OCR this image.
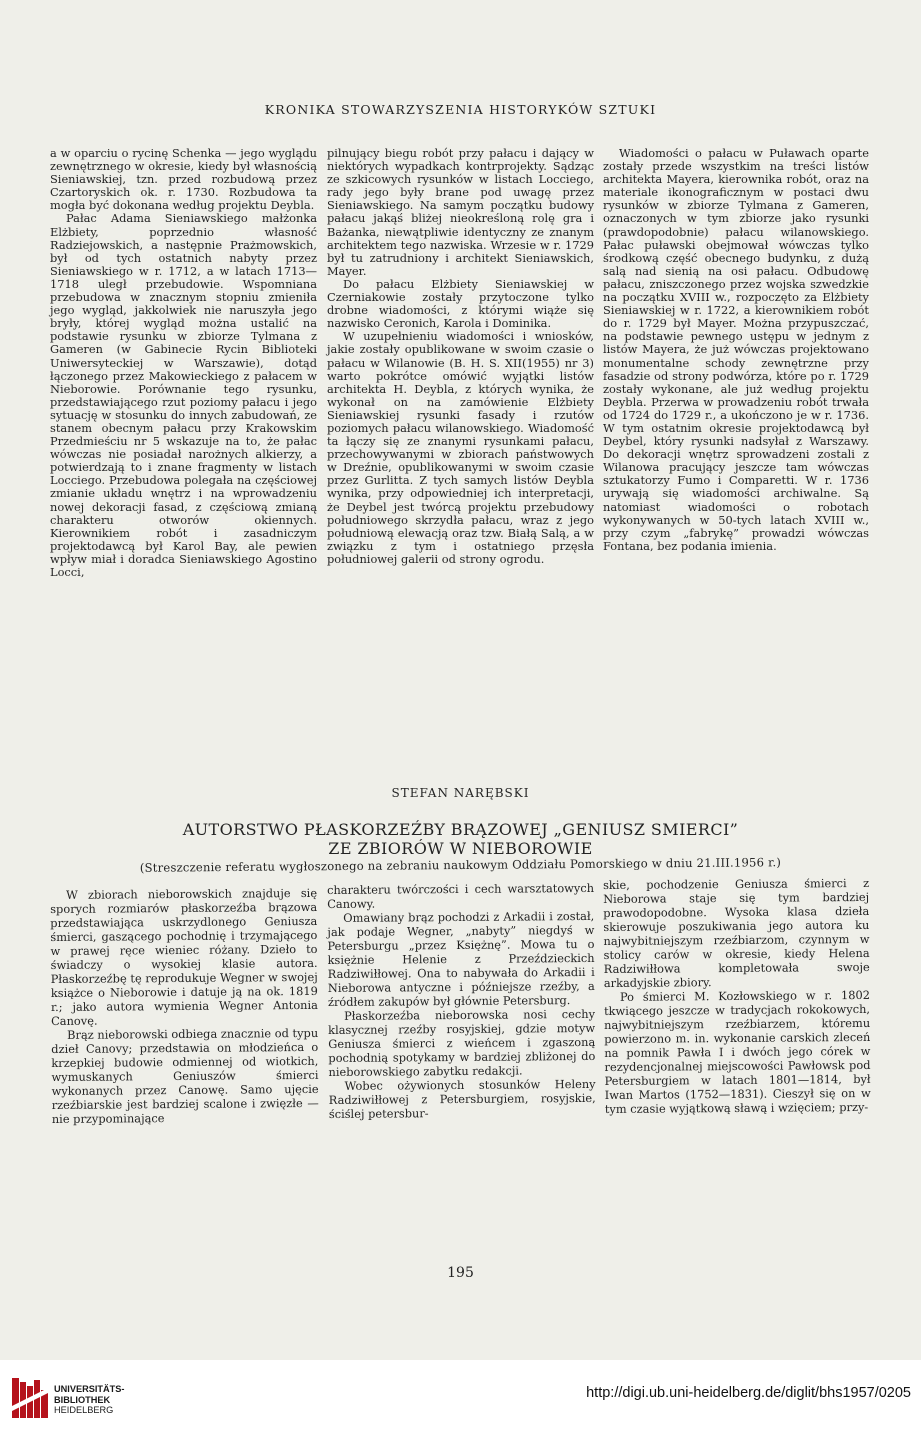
KRONIKA STOWARZYSZENIA HISTORYKÓW SZTUKI

a w oparciu o rycinę Schenka — jego wyglądu zewnętrznego w okresie, kiedy był własnością Sieniawskiej, tzn. przed rozbudową przez Czartoryskich ok. r. 1730. Rozbudowa ta mogła być dokonana według projektu Deybla.

Pałac Adama Sieniawskiego małżonka Elżbiety, poprzednio własność Radziejowskich, a następnie Prażmowskich, był od tych ostatnich nabyty przez Sieniawskiego w r. 1712, a w latach 1713—1718 uległ przebudowie. Wspomniana przebudowa w znacznym stopniu zmieniła jego wygląd, jakkolwiek nie naruszyła jego bryły, której wygląd można ustalić na podstawie rysunku w zbiorze Tylmana z Gameren (w Gabinecie Rycin Biblioteki Uniwersyteckiej w Warszawie), dotąd łączonego przez Makowieckiego z pałacem w Nieborowie. Porównanie tego rysunku, przedstawiającego rzut poziomy pałacu i jego sytuację w stosunku do innych zabudowań, ze stanem obecnym pałacu przy Krakowskim Przedmieściu nr 5 wskazuje na to, że pałac wówczas nie posiadał narożnych alkierzy, a potwierdzają to i znane fragmenty w listach Locciego. Przebudowa polegała na częściowej zmianie układu wnętrz i na wprowadzeniu nowej dekoracji fasad, z częściową zmianą charakteru otworów okiennych. Kierownikiem robót i zasadniczym projektodawcą był Karol Bay, ale pewien wpływ miał i doradca Sieniawskiego Agostino Locci,

pilnujący biegu robót przy pałacu i dający w niektórych wypadkach kontrprojekty. Sądząc ze szkicowych rysunków w listach Locciego, rady jego były brane pod uwagę przez Sieniawskiego. Na samym początku budowy pałacu jakąś bliżej nieokreśloną rolę gra i Bażanka, niewątpliwie identyczny ze znanym architektem tego nazwiska. Wrzesie w r. 1729 był tu zatrudniony i architekt Sieniawskich, Mayer.

Do pałacu Elżbiety Sieniawskiej w Czerniakowie zostały przytoczone tylko drobne wiadomości, z którymi wiąże się nazwisko Ceronich, Karola i Dominika.

W uzupełnieniu wiadomości i wniosków, jakie zostały opublikowane w swoim czasie o pałacu w Wilanowie (B. H. S. XII(1955) nr 3) warto pokrótce omówić wyjątki listów architekta H. Deybla, z których wynika, że wykonał on na zamówienie Elżbiety Sieniawskiej rysunki fasady i rzutów poziomych pałacu wilanowskiego. Wiadomość ta łączy się ze znanymi rysunkami pałacu, przechowywanymi w zbiorach państwowych w Dreźnie, opublikowanymi w swoim czasie przez Gurlitta. Z tych samych listów Deybla wynika, przy odpowiedniej ich interpretacji, że Deybel jest twórcą projektu przebudowy południowego skrzydła pałacu, wraz z jego południową elewacją oraz tzw. Białą Salą, a w związku z tym i ostatniego przęsła południowej galerii od strony ogrodu.

Wiadomości o pałacu w Puławach oparte zostały przede wszystkim na treści listów architekta Mayera, kierownika robót, oraz na materiale ikonograficznym w postaci dwu rysunków w zbiorze Tylmana z Gameren, oznaczonych w tym zbiorze jako rysunki (prawdopodobnie) pałacu wilanowskiego. Pałac puławski obejmował wówczas tylko środkową część obecnego budynku, z dużą salą nad sienią na osi pałacu. Odbudowę pałacu, zniszczonego przez wojska szwedzkie na początku XVIII w., rozpoczęto za Elżbiety Sieniawskiej w r. 1722, a kierownikiem robót do r. 1729 był Mayer. Można przypuszczać, na podstawie pewnego ustępu w jednym z listów Mayera, że już wówczas projektowano monumentalne schody zewnętrzne przy fasadzie od strony podwórza, które po r. 1729 zostały wykonane, ale już według projektu Deybla. Przerwa w prowadzeniu robót trwała od 1724 do 1729 r., a ukończono je w r. 1736. W tym ostatnim okresie projektodawcą był Deybel, który rysunki nadsyłał z Warszawy. Do dekoracji wnętrz sprowadzeni zostali z Wilanowa pracujący jeszcze tam wówczas sztukatorzy Fumo i Comparetti. W r. 1736 urywają się wiadomości archiwalne. Są natomiast wiadomości o robotach wykonywanych w 50-tych latach XVIII w., przy czym „fabrykę” prowadzi wówczas Fontana, bez podania imienia.

STEFAN NARĘBSKI
AUTORSTWO PŁASKORZEŹBY BRĄZOWEJ „GENIUSZ SMIERCI”
ZE ZBIORÓW W NIEBOROWIE
(Streszczenie referatu wygłoszonego na zebraniu naukowym Oddziału Pomorskiego w dniu 21.III.1956 r.)

W zbiorach nieborowskich znajduje się sporych rozmiarów płaskorzeźba brązowa przedstawiająca uskrzydlonego Geniusza śmierci, gaszącego pochodnię i trzymającego w prawej ręce wieniec różany. Dzieło to świadczy o wysokiej klasie autora. Płaskorzeźbę tę reprodukuje Wegner w swojej książce o Nieborowie i datuje ją na ok. 1819 r.; jako autora wymienia Wegner Antonia Canovę.

Brąz nieborowski odbiega znacznie od typu dzieł Canovy; przedstawia on młodzieńca o krzepkiej budowie odmiennej od wiotkich, wymuskanych Geniuszów śmierci wykonanych przez Canowę. Samo ujęcie rzeźbiarskie jest bardziej scalone i zwięzłe — nie przypominające

charakteru twórczości i cech warsztatowych Canowy.

Omawiany brąz pochodzi z Arkadii i został, jak podaje Wegner, „nabyty” niegdyś w Petersburgu „przez Księżnę”. Mowa tu o księżnie Helenie z Przeździeckich Radziwiłłowej. Ona to nabywała do Arkadii i Nieborowa antyczne i późniejsze rzeźby, a źródłem zakupów był głównie Petersburg.

Płaskorzeźba nieborowska nosi cechy klasycznej rzeźby rosyjskiej, gdzie motyw Geniusza śmierci z wieńcem i zgaszoną pochodnią spotykamy w bardziej zbliżonej do nieborowskiego zabytku redakcji.

Wobec ożywionych stosunków Heleny Radziwiłłowej z Petersburgiem, rosyjskie, ściślej petersbur-

skie, pochodzenie Geniusza śmierci z Nieborowa staje się tym bardziej prawodopodobne. Wysoka klasa dzieła skierowuje poszukiwania jego autora ku najwybitniejszym rzeźbiarzom, czynnym w stolicy carów w okresie, kiedy Helena Radziwiłłowa kompletowała swoje arkadyjskie zbiory.

Po śmierci M. Kozłowskiego w r. 1802 tkwiącego jeszcze w tradycjach rokokowych, najwybitniejszym rzeźbiarzem, któremu powierzono m. in. wykonanie carskich zleceń na pomnik Pawła I i dwóch jego córek w rezydencjonalnej miejscowości Pawłowsk pod Petersburgiem w latach 1801—1814, był Iwan Martos (1752—1831). Cieszył się on w tym czasie wyjątkową sławą i wzięciem; przy-

195
UNIVERSITÄTS-
BIBLIOTHEK
HEIDELBERG
http://digi.ub.uni-heidelberg.de/diglit/bhs1957/0205
